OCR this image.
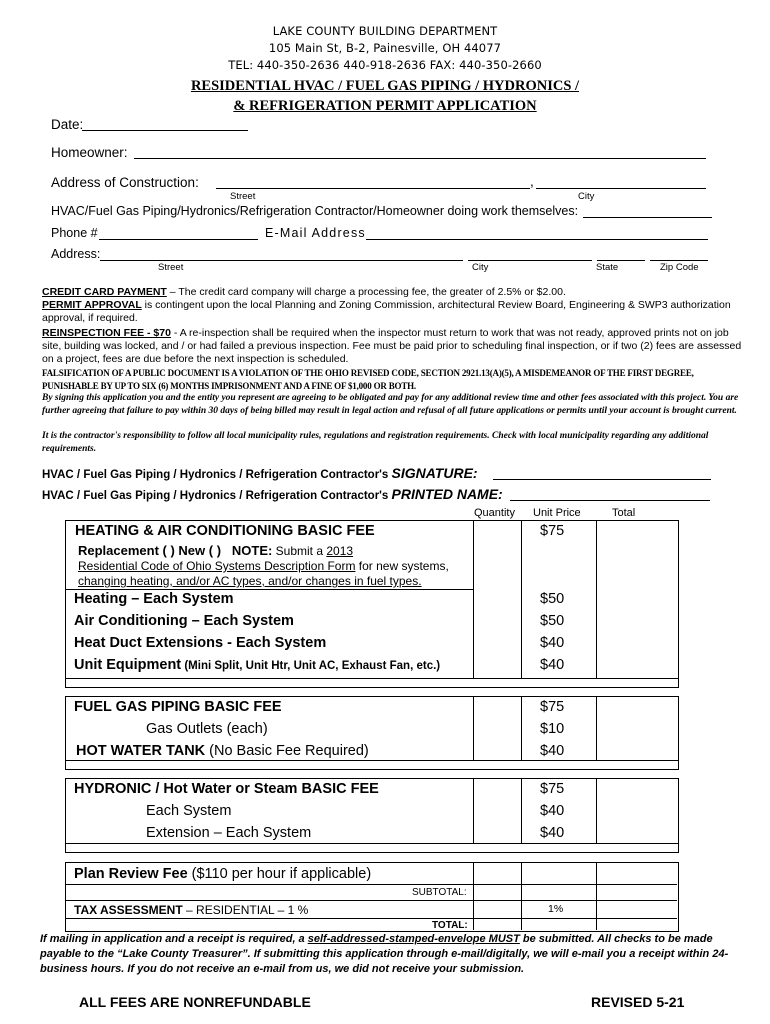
LAKE COUNTY BUILDING DEPARTMENT
105 Main St, B-2, Painesville, OH 44077
TEL: 440-350-2636 440-918-2636 FAX: 440-350-2660
RESIDENTIAL HVAC / FUEL GAS PIPING / HYDRONICS /
& REFRIGERATION PERMIT APPLICATION
Date:
Homeowner:
Address of Construction:	,
Street	City
HVAC/Fuel Gas Piping/Hydronics/Refrigeration Contractor/Homeowner doing work themselves:
Phone #	E-Mail Address
Address:
Street	City	State	Zip Code
CREDIT CARD PAYMENT – The credit card company will charge a processing fee, the greater of 2.5% or $2.00.
PERMIT APPROVAL is contingent upon the local Planning and Zoning Commission, architectural Review Board, Engineering & SWP3 authorization approval, if required.
REINSPECTION FEE - $70 - A re-inspection shall be required when the inspector must return to work that was not ready, approved prints not on job site, building was locked, and / or had failed a previous inspection. Fee must be paid prior to scheduling final inspection, or if two (2) fees are assessed on a project, fees are due before the next inspection is scheduled.
FALSIFICATION OF A PUBLIC DOCUMENT IS A VIOLATION OF THE OHIO REVISED CODE, SECTION 2921.13(A)(5), A MISDEMEANOR OF THE FIRST DEGREE, PUNISHABLE BY UP TO SIX (6) MONTHS IMPRISONMENT AND A FINE OF $1,000 OR BOTH.
By signing this application you and the entity you represent are agreeing to be obligated and pay for any additional review time and other fees associated with this project. You are further agreeing that failure to pay within 30 days of being billed may result in legal action and refusal of all future applications or permits until your account is brought current.
It is the contractor's responsibility to follow all local municipality rules, regulations and registration requirements. Check with local municipality regarding any additional requirements.
HVAC / Fuel Gas Piping / Hydronics / Refrigeration Contractor's SIGNATURE:
HVAC / Fuel Gas Piping / Hydronics / Refrigeration Contractor's PRINTED NAME:
Quantity Unit Price	Total
HEATING & AIR CONDITIONING BASIC FEE	$75
Replacement ( ) New ( ) NOTE: Submit a 2013
Residential Code of Ohio Systems Description Form for new systems,
changing heating, and/or AC types, and/or changes in fuel types.
Heating – Each System	$50
Air Conditioning – Each System	$50
Heat Duct Extensions - Each System	$40
Unit Equipment (Mini Split, Unit Htr, Unit AC, Exhaust Fan, etc.)	$40
FUEL GAS PIPING BASIC FEE	$75
Gas Outlets (each)	$10
HOT WATER TANK (No Basic Fee Required)	$40
HYDRONIC / Hot Water or Steam BASIC FEE	$75
Each System	$40
Extension – Each System	$40
Plan Review Fee ($110 per hour if applicable)
SUBTOTAL:
TAX ASSESSMENT – RESIDENTIAL – 1 %	1%
TOTAL:
If mailing in application and a receipt is required, a self-addressed-stamped-envelope MUST be submitted. All checks to be made payable to the “Lake County Treasurer”. If submitting this application through e-mail/digitally, we will e-mail you a receipt within 24-business hours. If you do not receive an e-mail from us, we did not receive your submission.
ALL FEES ARE NONREFUNDABLE	REVISED 5-21
